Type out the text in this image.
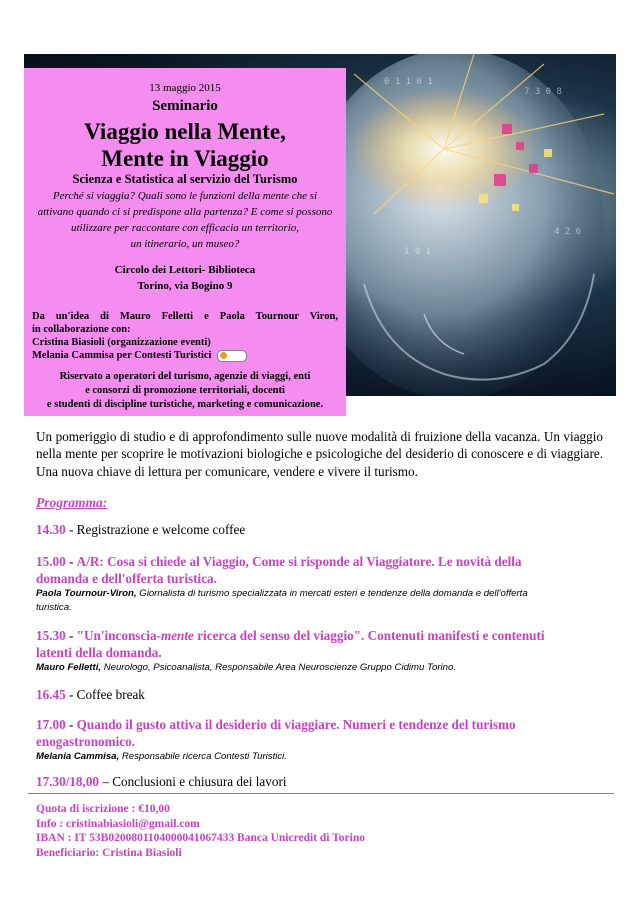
0 1 1 0 1
7 3 0 8
4 2 6
1 0 1
13 maggio 2015
Seminario
Viaggio nella Mente,
Mente in Viaggio
Scienza e Statistica al servizio del Turismo
Perché si viaggia? Quali sono le funzioni della mente che si
attivano quando ci si predispone alla partenza? E come si possono
utilizzare per raccontare con efficacia un territorio,
un itinerario, un museo?
Circolo dei Lettori- Biblioteca
Torino, via Bogino 9
Da un'idea di Mauro Felletti e Paola Tournour Viron,
in collaborazione con:
Cristina Biasioli (organizzazione eventi)
Melania Cammisa per Contesti Turistici
Riservato a operatori del turismo, agenzie di viaggi, enti
e consorzi di promozione territoriali, docenti
e studenti di discipline turistiche, marketing e comunicazione.
Un pomeriggio di studio e di approfondimento sulle nuove modalità di fruizione della vacanza. Un viaggio nella mente per scoprire le motivazioni biologiche e psicologiche del desiderio di conoscere e di viaggiare. Una nuova chiave di lettura per comunicare, vendere e vivere il turismo.
Programma:
14.30 - Registrazione e welcome coffee
15.00 - A/R: Cosa si chiede al Viaggio, Come si risponde al Viaggiatore. Le novità della
domanda e dell'offerta turistica.
Paola Tournour-Viron, Giornalista di turismo specializzata in mercati esteri e tendenze della domanda e dell'offerta
turistica.
15.30 - "Un'inconscia-mente ricerca del senso del viaggio". Contenuti manifesti e contenuti
latenti della domanda.
Mauro Felletti, Neurologo, Psicoanalista, Responsabile Area Neuroscienze Gruppo Cidimu Torino.
16.45 - Coffee break
17.00 - Quando il gusto attiva il desiderio di viaggiare. Numeri e tendenze del turismo
enogastronomico.
Melania Cammisa, Responsabile ricerca Contesti Turistici.
17.30/18,00 – Conclusioni e chiusura dei lavori
Quota di iscrizione : €10,00
Info : cristinabiasioli@gmail.com
IBAN : IT 53B0200801104000041067433 Banca Unicredit di Torino
Beneficiario: Cristina Biasioli
